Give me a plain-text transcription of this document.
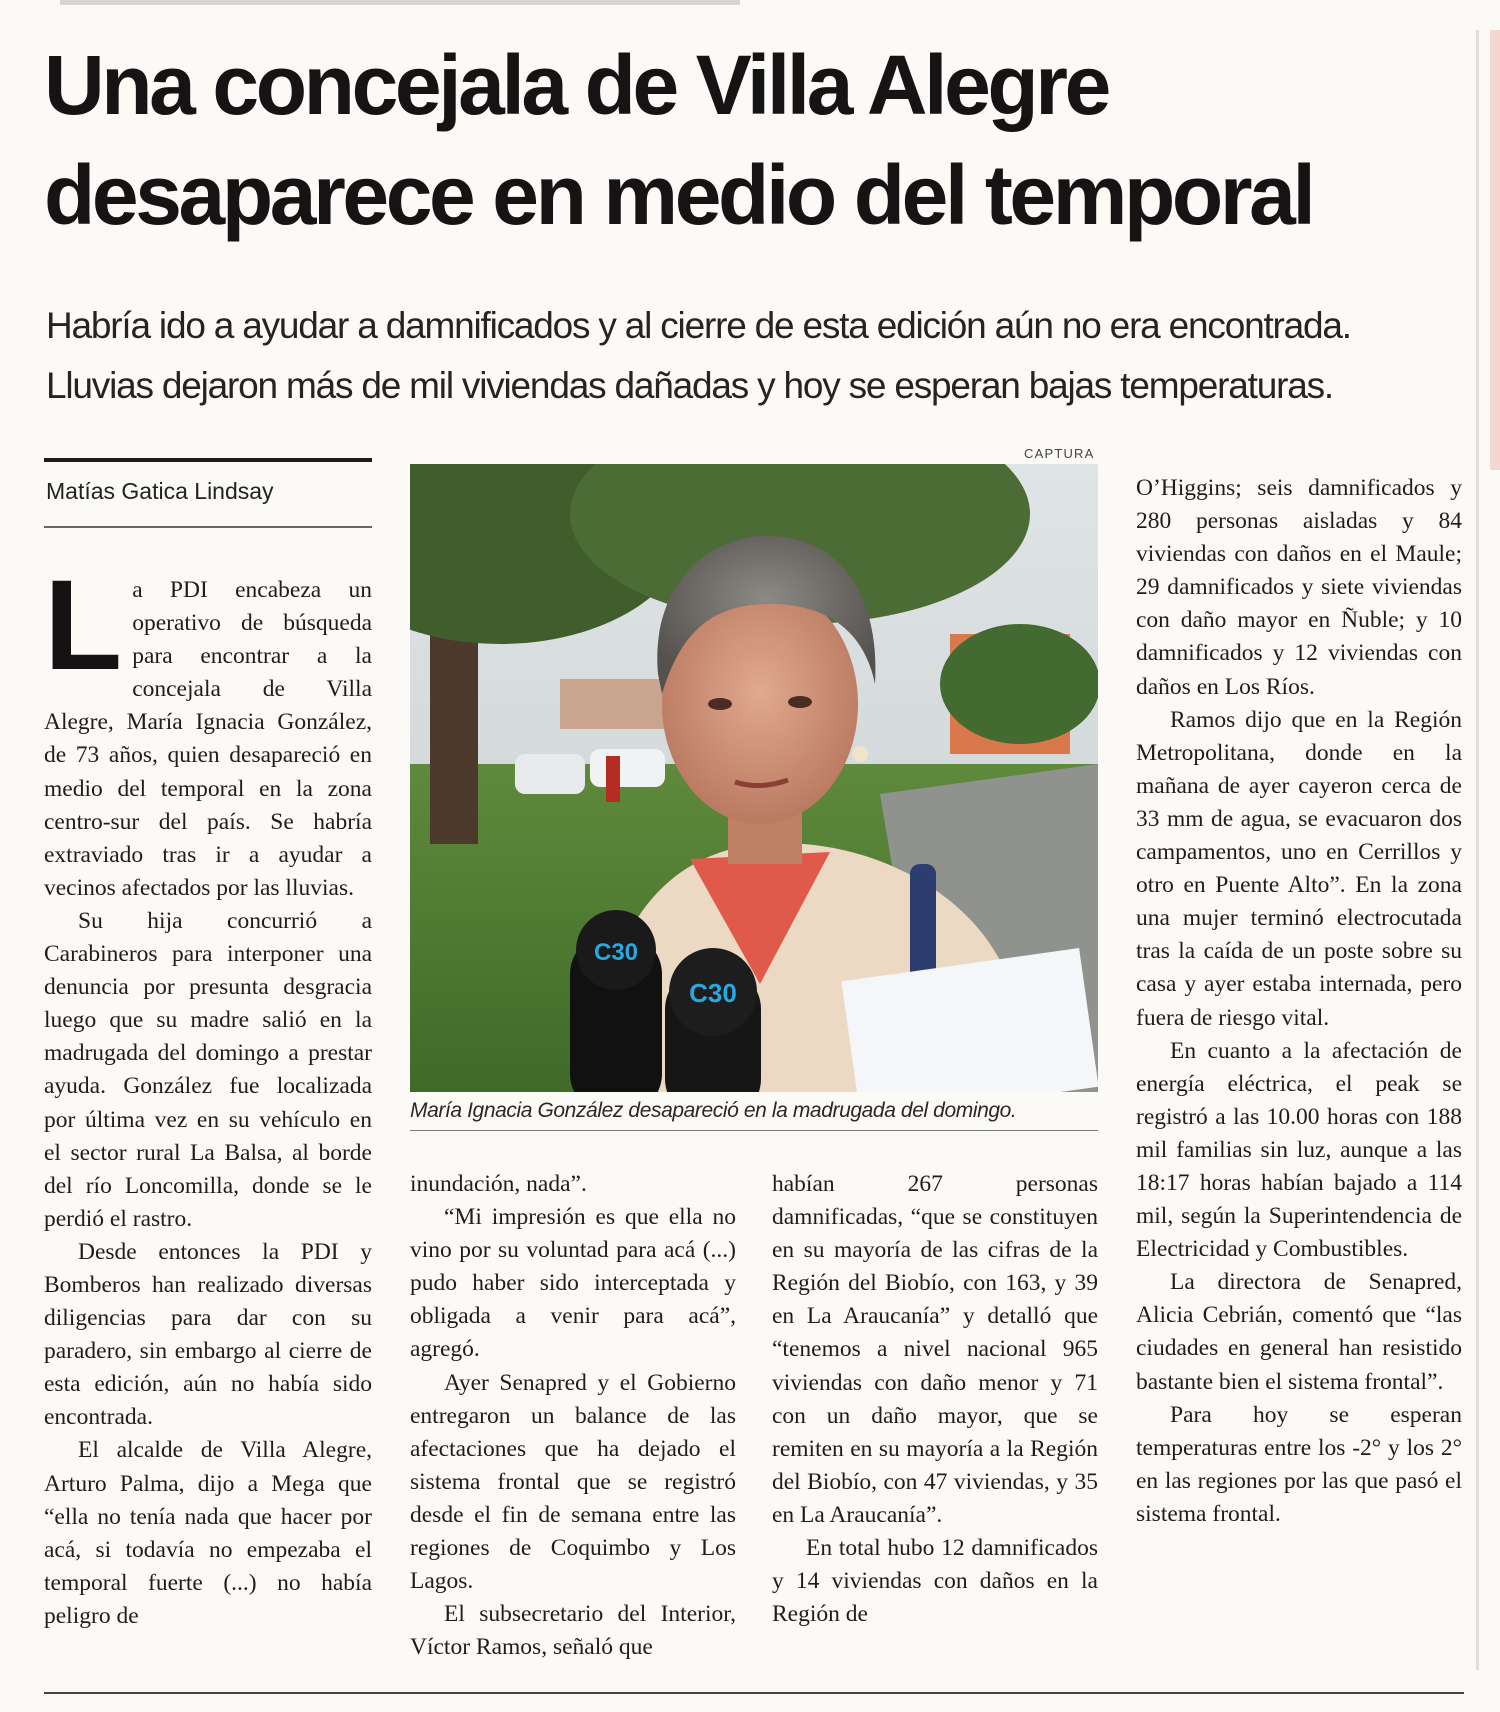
Una concejala de Villa Alegre
desaparece en medio del temporal

Habría ido a ayudar a damnificados y al cierre de esta edición aún no era encontrada.
Lluvias dejaron más de mil viviendas dañadas y hoy se esperan bajas temperaturas.

Matías Gatica Lindsay
CAPTURA
C30
C30

María Ignacia González desapareció en la madrugada del domingo.

La PDI encabeza un operativo de búsqueda para encontrar a la concejala de Villa Alegre, María Ignacia González, de 73 años, quien desapareció en medio del temporal en la zona centro-sur del país. Se habría extraviado tras ir a ayudar a vecinos afectados por las lluvias.

Su hija concurrió a Carabineros para interponer una denuncia por presunta desgracia luego que su madre salió en la madrugada del domingo a prestar ayuda. González fue localizada por última vez en su vehículo en el sector rural La Balsa, al borde del río Loncomilla, donde se le perdió el rastro.

Desde entonces la PDI y Bomberos han realizado diversas diligencias para dar con su paradero, sin embargo al cierre de esta edición, aún no había sido encontrada.

El alcalde de Villa Alegre, Arturo Palma, dijo a Mega que “ella no tenía nada que hacer por acá, si todavía no empezaba el temporal fuerte (...) no había peligro de

inundación, nada”.

“Mi impresión es que ella no vino por su voluntad para acá (...) pudo haber sido interceptada y obligada a venir para acá”, agregó.

Ayer Senapred y el Gobierno entregaron un balance de las afectaciones que ha dejado el sistema frontal que se registró desde el fin de semana entre las regiones de Coquimbo y Los Lagos.

El subsecretario del Interior, Víctor Ramos, señaló que

habían 267 personas damnificadas, “que se constituyen en su mayoría de las cifras de la Región del Biobío, con 163, y 39 en La Araucanía” y detalló que “tenemos a nivel nacional 965 viviendas con daño menor y 71 con un daño mayor, que se remiten en su mayoría a la Región del Biobío, con 47 viviendas, y 35 en La Araucanía”.

En total hubo 12 damnificados y 14 viviendas con daños en la Región de

O’Higgins; seis damnificados y 280 personas aisladas y 84 viviendas con daños en el Maule; 29 damnificados y siete viviendas con daño mayor en Ñuble; y 10 damnificados y 12 viviendas con daños en Los Ríos.

Ramos dijo que en la Región Metropolitana, donde en la mañana de ayer cayeron cerca de 33 mm de agua, se evacuaron dos campamentos, uno en Cerrillos y otro en Puente Alto”. En la zona una mujer terminó electrocutada tras la caída de un poste sobre su casa y ayer estaba internada, pero fuera de riesgo vital.

En cuanto a la afectación de energía eléctrica, el peak se registró a las 10.00 horas con 188 mil familias sin luz, aunque a las 18:17 horas habían bajado a 114 mil, según la Superintendencia de Electricidad y Combustibles.

La directora de Senapred, Alicia Cebrián, comentó que “las ciudades en general han resistido bastante bien el sistema frontal”.

Para hoy se esperan temperaturas entre los -2° y los 2° en las regiones por las que pasó el sistema frontal.
